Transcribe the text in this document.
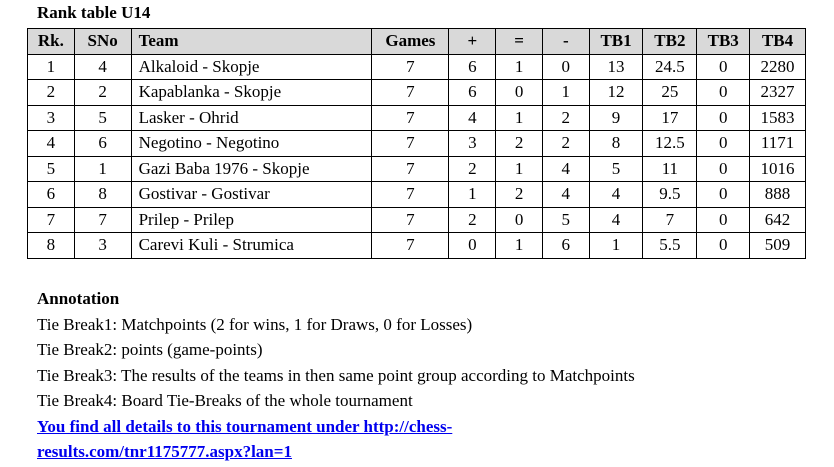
Rank table U14
Rk.	SNo	Team	Games	+	=	-	TB1	TB2	TB3	TB4
1	4	Alkaloid - Skopje	7	6	1	0	13	24.5	0	2280
2	2	Kapablanka - Skopje	7	6	0	1	12	25	0	2327
3	5	Lasker - Ohrid	7	4	1	2	9	17	0	1583
4	6	Negotino - Negotino	7	3	2	2	8	12.5	0	1171
5	1	Gazi Baba 1976 - Skopje	7	2	1	4	5	11	0	1016
6	8	Gostivar - Gostivar	7	1	2	4	4	9.5	0	888
7	7	Prilep - Prilep	7	2	0	5	4	7	0	642
8	3	Carevi Kuli - Strumica	7	0	1	6	1	5.5	0	509
Annotation
Tie Break1: Matchpoints (2 for wins, 1 for Draws, 0 for Losses)
Tie Break2: points (game-points)
Tie Break3: The results of the teams in then same point group according to Matchpoints
Tie Break4: Board Tie-Breaks of the whole tournament
You find all details to this tournament under http://chess-
results.com/tnr1175777.aspx?lan=1
